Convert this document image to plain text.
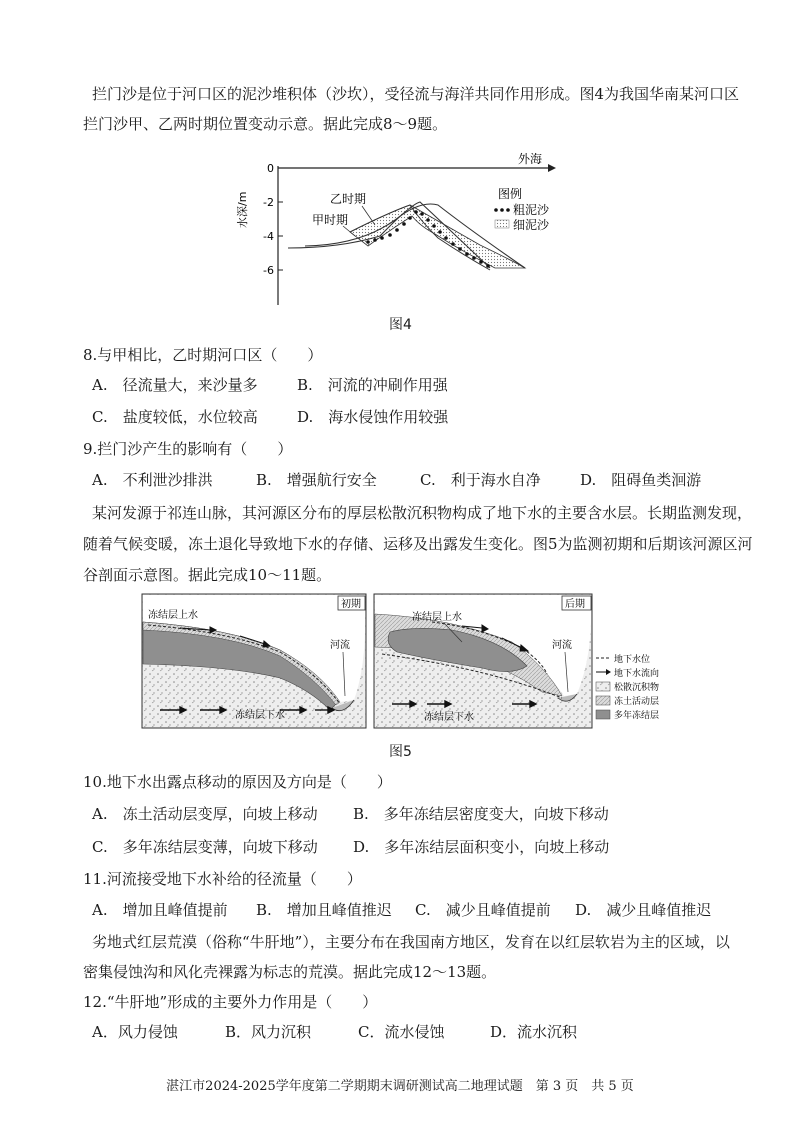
拦门沙是位于河口区的泥沙堆积体（沙坎），受径流与海洋共同作用形成。图4为我国华南某河口区
拦门沙甲、乙两时期位置变动示意。据此完成8～9题。
0
-2
-4
-6
水深/m
外海
乙时期
甲时期
图例
粗泥沙
细泥沙
图4
8.与甲相比，乙时期河口区（　　）
A.　径流量大，来沙量多	B.　河流的冲刷作用强
C.　盐度较低，水位较高	D.　海水侵蚀作用较强
9.拦门沙产生的影响有（　　）
A.　不利泄沙排洪	B.　增强航行安全	C.　利于海水自净	D.　阻碍鱼类洄游
某河发源于祁连山脉，其河源区分布的厚层松散沉积物构成了地下水的主要含水层。长期监测发现，
随着气候变暖，冻土退化导致地下水的存储、运移及出露发生变化。图5为监测初期和后期该河源区河
谷剖面示意图。据此完成10～11题。
初期
冻结层上水
冻结层下水
河流
后期
冻结层上水
冻结层下水
河流
地下水位
地下水流向
松散沉积物
冻土活动层
多年冻结层
图5
10.地下水出露点移动的原因及方向是（　　）
A.　冻土活动层变厚，向坡上移动 B.　多年冻结层密度变大，向坡下移动
C.　多年冻结层变薄，向坡下移动 D.　多年冻结层面积变小，向坡上移动
11.河流接受地下水补给的径流量（　　）
A.　增加且峰值提前 B.　增加且峰值推迟 C.　减少且峰值提前 D.　减少且峰值推迟
劣地式红层荒漠（俗称“牛肝地”），主要分布在我国南方地区，发育在以红层软岩为主的区域，以
密集侵蚀沟和风化壳裸露为标志的荒漠。据此完成12～13题。
12.“牛肝地”形成的主要外力作用是（　　）
A．风力侵蚀	B．风力沉积	C．流水侵蚀	D．流水沉积
湛江市2024-2025学年度第二学期期末调研测试高二地理试题　第 3 页　共 5 页
